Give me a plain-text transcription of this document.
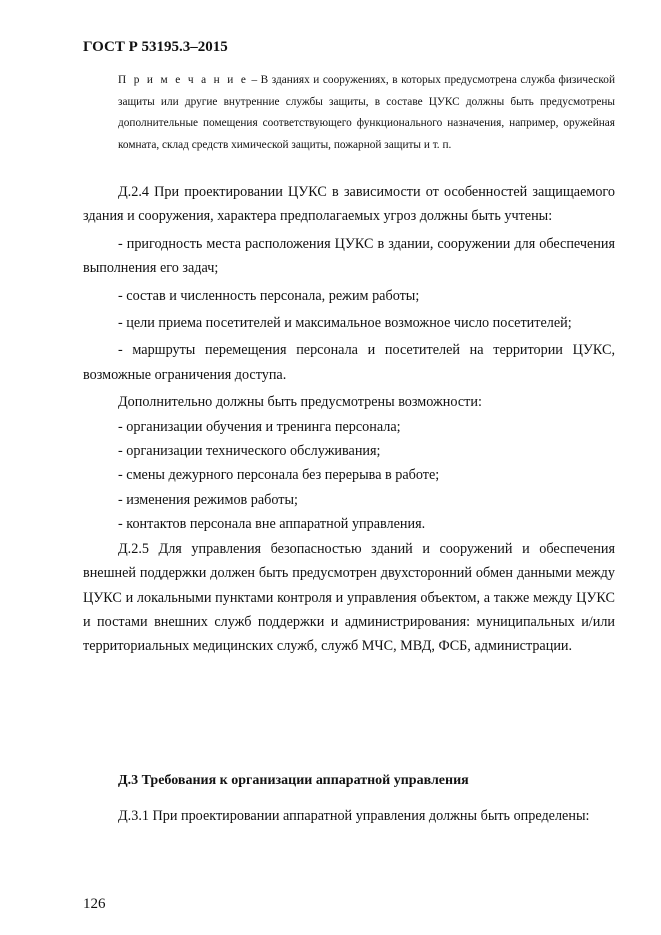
ГОСТ Р 53195.3–2015
П р и м е ч а н и е – В зданиях и сооружениях, в которых предусмотрена служба физической защиты или другие внутренние службы защиты, в составе ЦУКС должны быть предусмотрены дополнительные помещения соответствующего функционального назначения, например, оружейная комната, склад средств химической защиты, пожарной защиты и т. п.

Д.2.4 При проектировании ЦУКС в зависимости от особенностей защищаемого здания и сооружения, характера предполагаемых угроз должны быть учтены:

- пригодность места расположения ЦУКС в здании, сооружении для обеспечения выполнения его задач;

- состав и численность персонала, режим работы;

- цели приема посетителей и максимальное возможное число посетителей;

- маршруты перемещения персонала и посетителей на территории ЦУКС, возможные ограничения доступа.

Дополнительно должны быть предусмотрены возможности:

- организации обучения и тренинга персонала;

- организации технического обслуживания;

- смены дежурного персонала без перерыва в работе;

- изменения режимов работы;

- контактов персонала вне аппаратной управления.

Д.2.5 Для управления безопасностью зданий и сооружений и обеспечения внешней поддержки должен быть предусмотрен двухсторонний обмен данными между ЦУКС и локальными пунктами контроля и управления объектом, а также между ЦУКС и постами внешних служб поддержки и администрирования: муниципальных и/или территориальных медицинских служб, служб МЧС, МВД, ФСБ, администрации.

Д.3 Требования к организации аппаратной управления

Д.3.1 При проектировании аппаратной управления должны быть определены:

126
